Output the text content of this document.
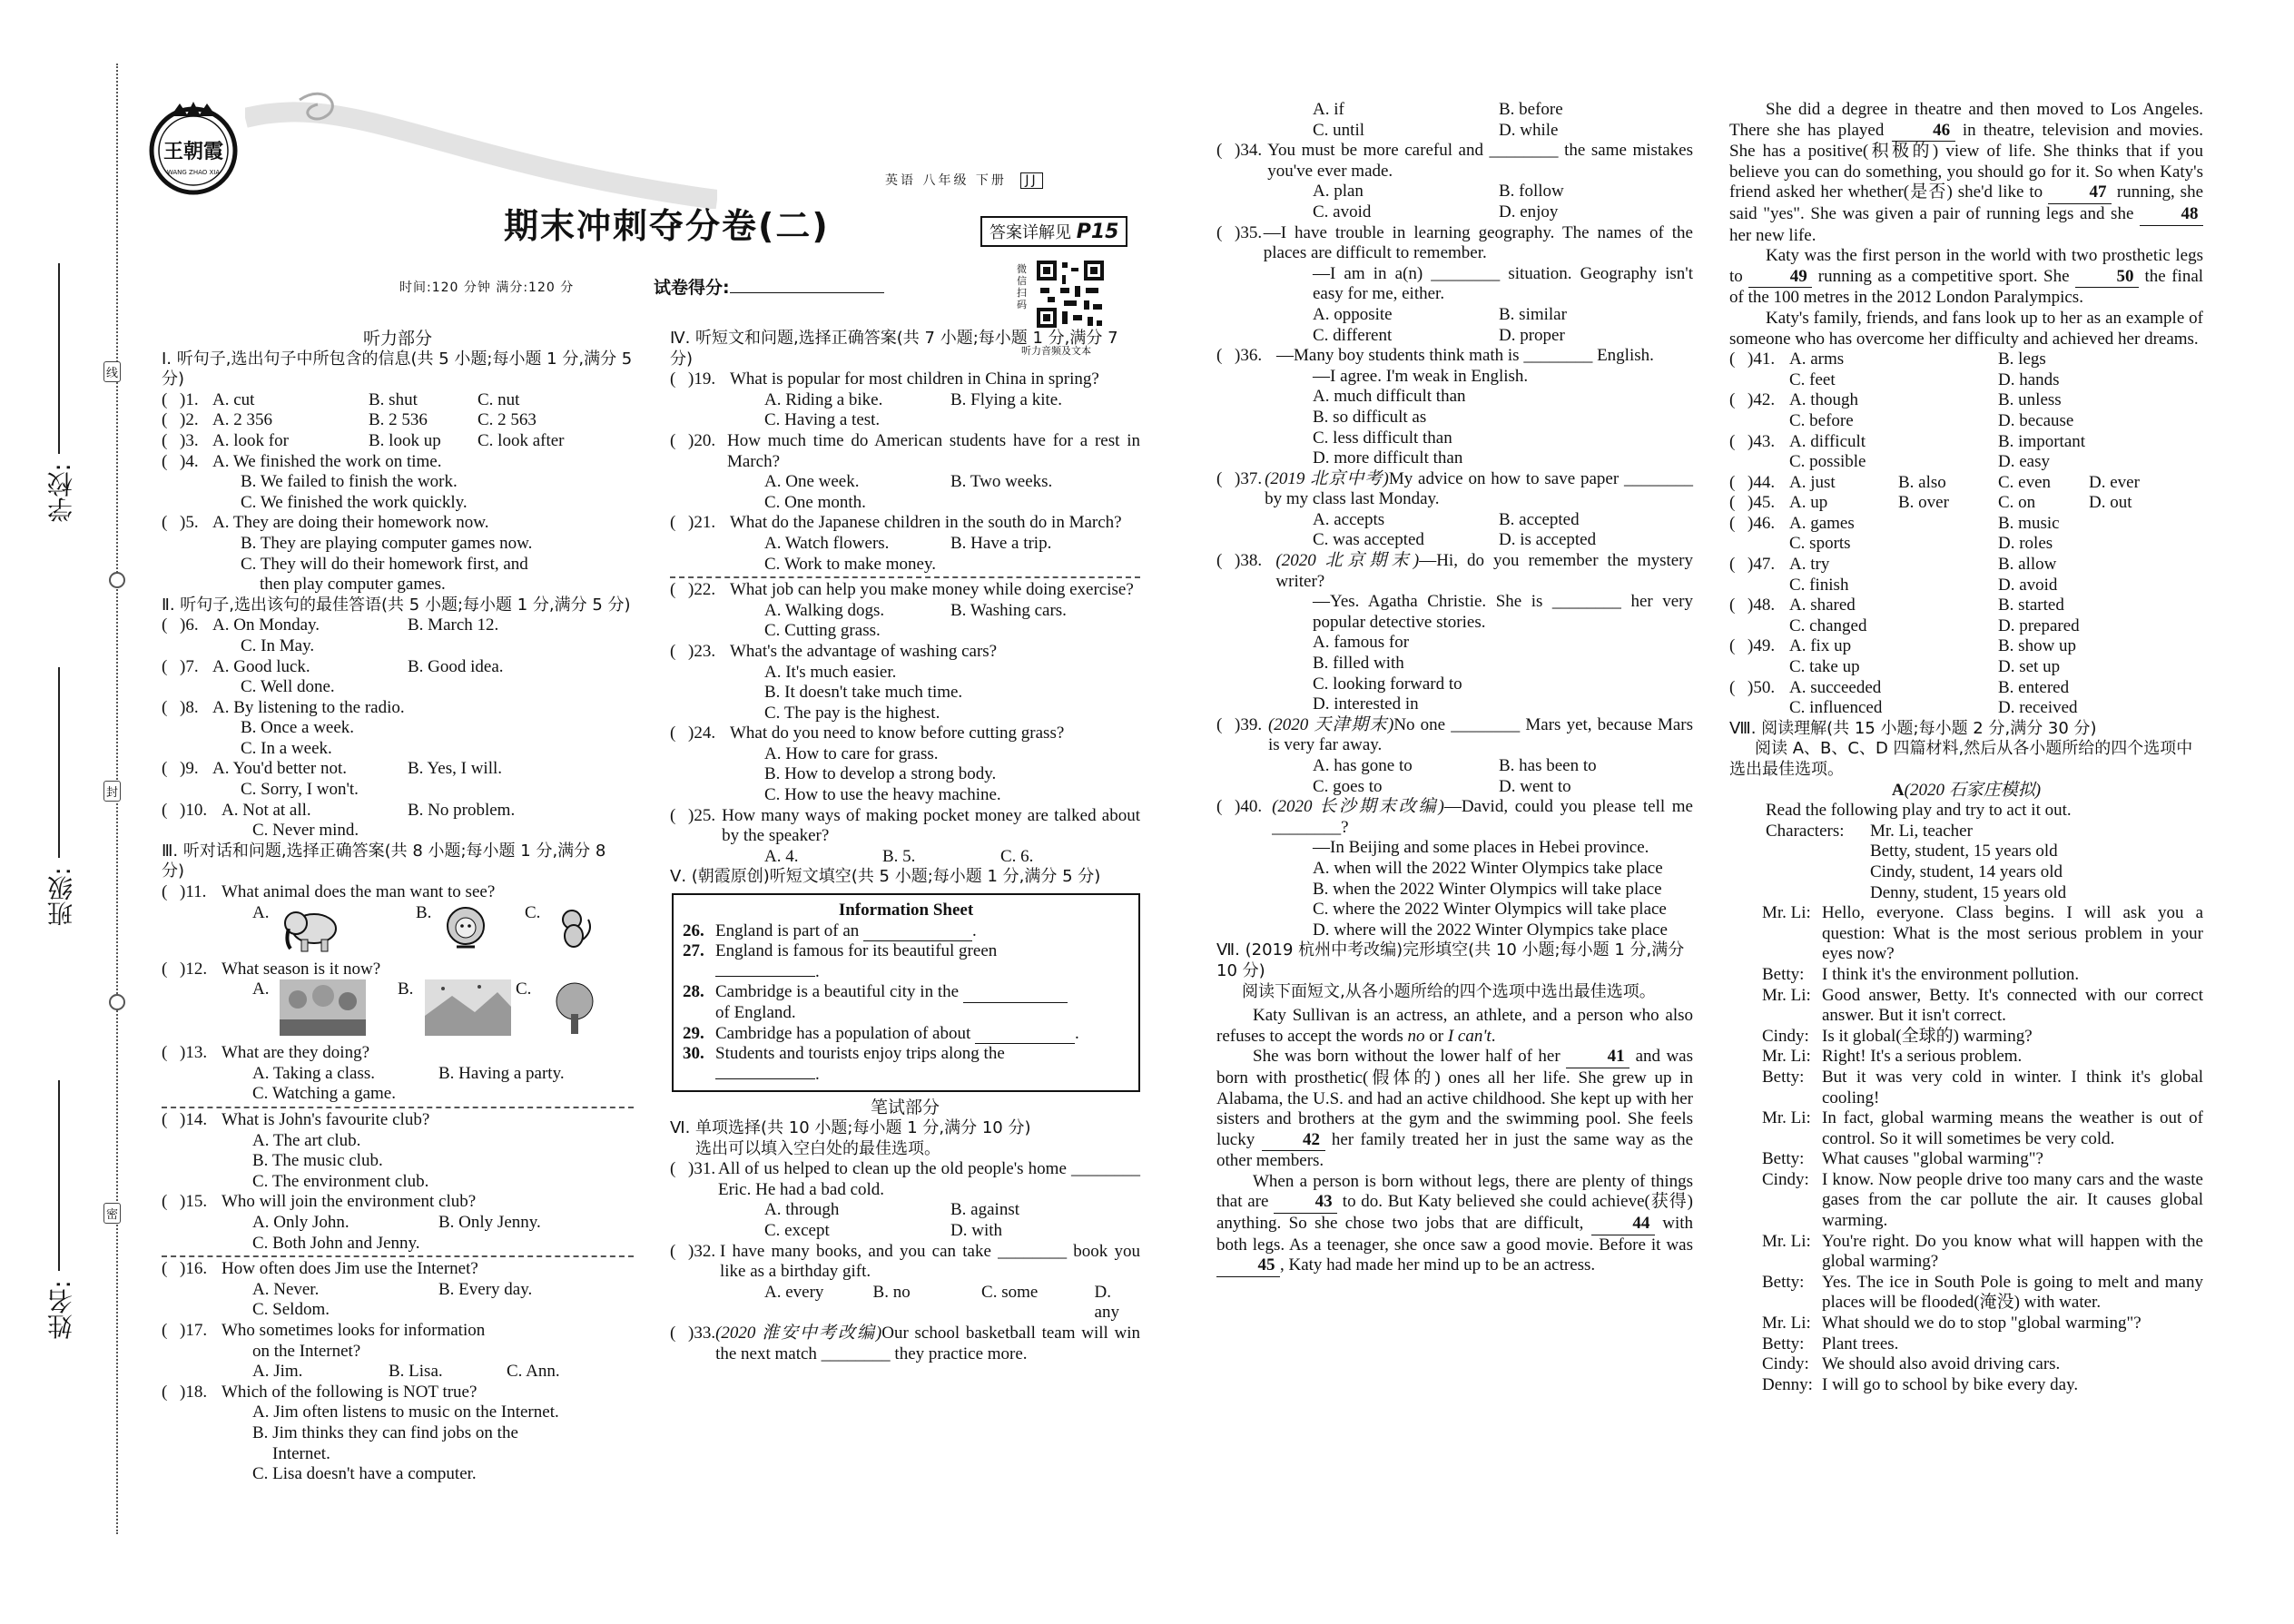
学校:
班级:
姓名:
线
封
密
王朝霞
WANG ZHAO XIA
期末冲刺夺分卷(二)
英语 八年级 下册 JJ
答案详解见 P15
微信扫码
听力音频及文本
时间:120 分钟 满分:120 分	试卷得分:

听力部分

Ⅰ. 听句子,选出句子中所包含的信息(共 5 小题;每小题 1 分,满分 5 分)

( )1. A. cut	B. shut	C. nut
( )2. A. 2 356	B. 2 536	C. 2 563
( )3. A. look for	B. look up	C. look after
( )4. A. We finished the work on time.

B. We failed to finish the work.

C. We finished the work quickly.

( )5. A. They are doing their homework now.

B. They are playing computer games now.

C. They will do their homework first, and

then play computer games.

Ⅱ. 听句子,选出该句的最佳答语(共 5 小题;每小题 1 分,满分 5 分)

( )6. A. On Monday.	B. March 12.

C. In May.

( )7. A. Good luck.	B. Good idea.

C. Well done.

( )8. A. By listening to the radio.

B. Once a week.

C. In a week.

( )9. A. You'd better not.	B. Yes, I will.

C. Sorry, I won't.

( )10. A. Not at all.	B. No problem.

C. Never mind.

Ⅲ. 听对话和问题,选择正确答案(共 8 小题;每小题 1 分,满分 8 分)

( )11. What animal does the man want to see?
A.	B.	C.
( )12. What season is it now?
A.	B.	C.
( )13. What are they doing?
A. Taking a class.	B. Having a party.

C. Watching a game.

( )14. What is John's favourite club?

A. The art club.

B. The music club.

C. The environment club.

( )15. Who will join the environment club?
A. Only John.	B. Only Jenny.

C. Both John and Jenny.

( )16. How often does Jim use the Internet?
A. Never.	B. Every day.

C. Seldom.

( )17. Who sometimes looks for information

on the Internet?

A. Jim.	B. Lisa.	C. Ann.
( )18. Which of the following is NOT true?

A. Jim often listens to music on the Internet.

B. Jim thinks they can find jobs on the

Internet.

C. Lisa doesn't have a computer.

Ⅳ. 听短文和问题,选择正确答案(共 7 小题;每小题 1 分,满分 7 分)

( )19. What is popular for most children in China in spring?
A. Riding a bike.	B. Flying a kite.

C. Having a test.

( )20. How much time do American students have for a rest in March?
A. One week.	B. Two weeks.

C. One month.

( )21. What do the Japanese children in the south do in March?
A. Watch flowers.	B. Have a trip.

C. Work to make money.

( )22. What job can help you make money while doing exercise?
A. Walking dogs.	B. Washing cars.

C. Cutting grass.

( )23. What's the advantage of washing cars?

A. It's much easier.

B. It doesn't take much time.

C. The pay is the highest.

( )24. What do you need to know before cutting grass?

A. How to care for grass.

B. How to develop a strong body.

C. How to use the heavy machine.

( )25. How many ways of making pocket money are talked about by the speaker?
A. 4.	B. 5.	C. 6.

Ⅴ. (朝霞原创)听短文填空(共 5 小题;每小题 1 分,满分 5 分)

Information Sheet

26. England is part of an
	.
27. England is famous for its beautiful green

.

28. Cambridge is a beautiful city in the

of England.

29. Cambridge has a population of about
	.
30. Students and tourists enjoy trips along the

.

笔试部分

Ⅵ. 单项选择(共 10 小题;每小题 1 分,满分 10 分)

选出可以填入空白处的最佳选项。

( )31. All of us helped to clean up the old people's home ________ Eric. He had a bad cold.
A. through	B. against
C. except	D. with
( )32. I have many books, and you can take ________ book you like as a birthday gift.
A. every	B. no	C. some	D. any
( )33. (2020 淮安中考改编)Our school basketball team will win the next match ________ they practice more.
A. if	B. before
C. until	D. while
( )34. You must be more careful and ________ the same mistakes you've ever made.
A. plan	B. follow
C. avoid	D. enjoy
( )35. —I have trouble in learning geography. The names of the places are difficult to remember.

—I am in a(n) ________ situation. Geography isn't easy for me, either.

A. opposite	B. similar
C. different	D. proper
( )36. —Many boy students think math is ________ English.

—I agree. I'm weak in English.

A. much difficult than

B. so difficult as

C. less difficult than

D. more difficult than

( )37. (2019 北京中考)My advice on how to save paper ________ by my class last Monday.
A. accepts	B. accepted
C. was accepted	D. is accepted
( )38. (2020 北京期末)—Hi, do you remember the mystery writer?

—Yes. Agatha Christie. She is ________ her very popular detective stories.

A. famous for

B. filled with

C. looking forward to

D. interested in

( )39. (2020 天津期末)No one ________ Mars yet, because Mars is very far away.
A. has gone to	B. has been to
C. goes to	D. went to
( )40. (2020 长沙期末改编)—David, could you please tell me ________?

—In Beijing and some places in Hebei province.

A. when will the 2022 Winter Olympics take place

B. when the 2022 Winter Olympics will take place

C. where the 2022 Winter Olympics will take place

D. where will the 2022 Winter Olympics take place

Ⅶ. (2019 杭州中考改编)完形填空(共 10 小题;每小题 1 分,满分 10 分)

阅读下面短文,从各小题所给的四个选项中选出最佳选项。

Katy Sullivan is an actress, an athlete, and a person who also refuses to accept the words no or I can't.

She was born without the lower half of her	41 and was born with prosthetic(假体的) ones all her life. She grew up in Alabama, the U.S. and had an active childhood. She kept up with her sisters and brothers at the gym and the swimming pool. She feels lucky	42 her family treated her in just the same way as the other members.

When a person is born without legs, there are plenty of things that are	43 to do. But Katy believed she could achieve(获得) anything. So she chose two jobs that are difficult,	44 with both legs. As a teenager, she once saw a good movie. Before it was 45 , Katy had made her mind up to be an actress.

She did a degree in theatre and then moved to Los Angeles. There she has played	46 in theatre, television and movies. She has a positive(积极的) view of life. She thinks that if you believe you can do something, you should go for it. So when Katy's friend asked her whether(是否) she'd like to	47 running, she said "yes". She was given a pair of running legs and she	48 her new life.

Katy was the first person in the world with two prosthetic legs to	49 running as a competitive sport. She	50 the final of the 100 metres in the 2012 London Paralympics.

Katy's family, friends, and fans look up to her as an example of someone who has overcome her difficulty and achieved her dreams.

( )41. A. arms	B. legs
C. feet	D. hands
( )42. A. though	B. unless
C. before	D. because
( )43. A. difficult	B. important
C. possible	D. easy
( )44. A. just	B. also	C. even	D. ever
( )45. A. up	B. over	C. on	D. out
( )46. A. games	B. music
C. sports	D. roles
( )47. A. try	B. allow
C. finish	D. avoid
( )48. A. shared	B. started
C. changed	D. prepared
( )49. A. fix up	B. show up
C. take up	D. set up
( )50. A. succeeded	B. entered
C. influenced	D. received

Ⅷ. 阅读理解(共 15 小题;每小题 2 分,满分 30 分)

阅读 A、B、C、D 四篇材料,然后从各小题所给的四个选项中选出最佳选项。

A(2020 石家庄模拟)

Read the following play and try to act it out.

Characters:	Mr. Li, teacher
Betty, student, 15 years old
Cindy, student, 14 years old
Denny, student, 15 years old
Mr. Li: Hello, everyone. Class begins. I will ask you a question: What is the most serious problem in your eyes now?
Betty:	I think it's the environment pollution.
Mr. Li: Good answer, Betty. It's connected with our correct answer. But it isn't correct.
Cindy: Is it global(全球的) warming?
Mr. Li: Right! It's a serious problem.
Betty:	But it was very cold in winter. I think it's global cooling!
Mr. Li: In fact, global warming means the weather is out of control. So it will sometimes be very cold.
Betty:	What causes "global warming"?
Cindy: I know. Now people drive too many cars and the waste gases from the car pollute the air. It causes global warming.
Mr. Li: You're right. Do you know what will happen with the global warming?
Betty:	Yes. The ice in South Pole is going to melt and many places will be flooded(淹没) with water.
Mr. Li: What should we do to stop "global warming"?
Betty:	Plant trees.
Cindy: We should also avoid driving cars.
Denny: I will go to school by bike every day.
